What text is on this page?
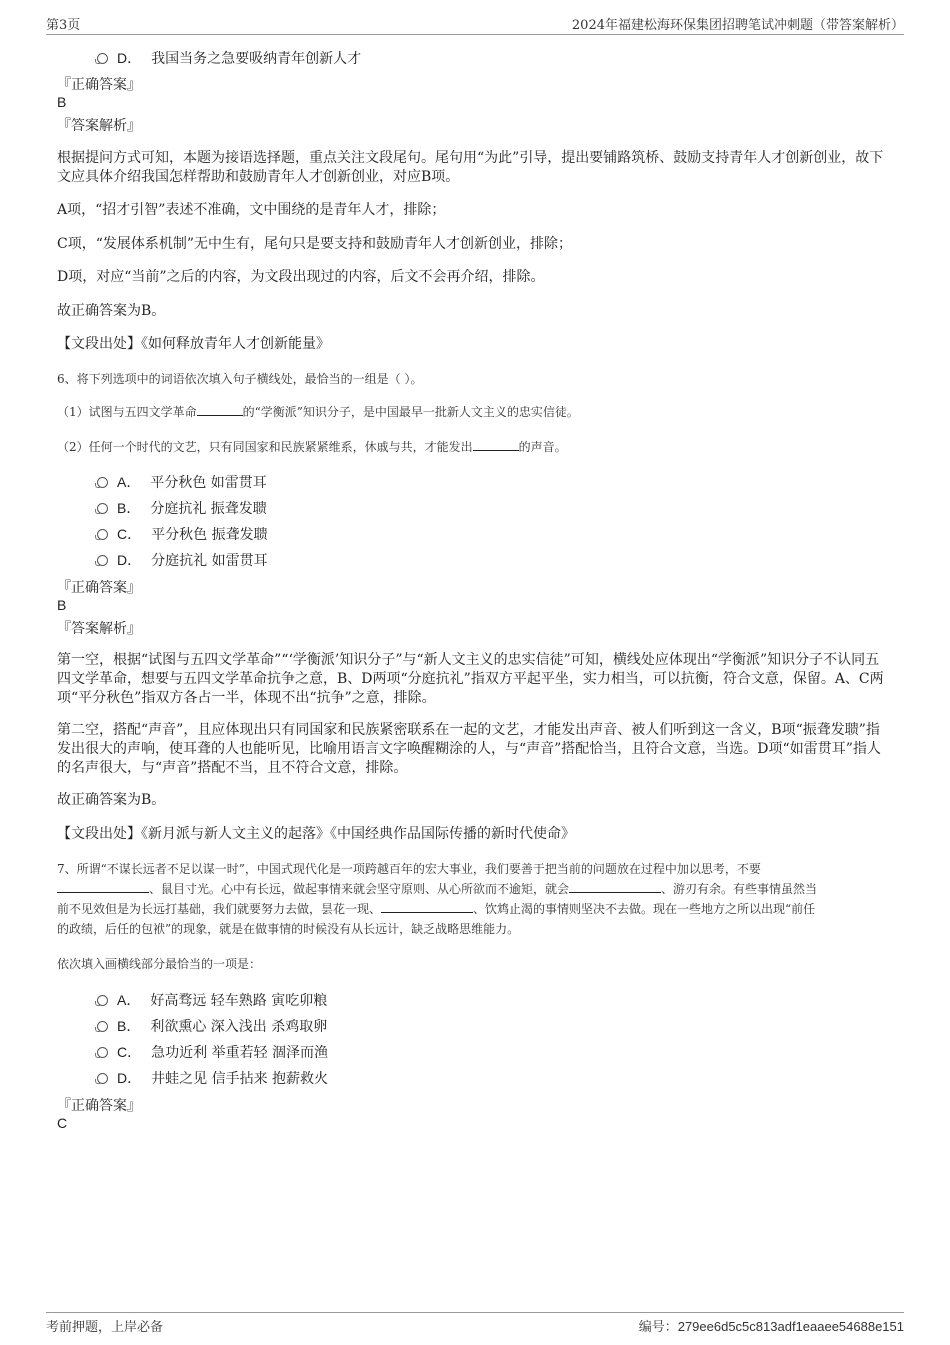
第3页	2024年福建松海环保集团招聘笔试冲刺题（带答案解析）
D． 我国当务之急要吸纳青年创新人才
『正确答案』
B
『答案解析』
根据提问方式可知，本题为接语选择题，重点关注文段尾句。尾句用“为此”引导，提出要铺路筑桥、鼓励支持青年人才创新创业，故下文应具体介绍我国怎样帮助和鼓励青年人才创新创业，对应B项。
A项，“招才引智”表述不准确，文中围绕的是青年人才，排除；
C项，“发展体系机制”无中生有，尾句只是要支持和鼓励青年人才创新创业，排除；
D项，对应“当前”之后的内容，为文段出现过的内容，后文不会再介绍，排除。
故正确答案为B。
【文段出处】《如何释放青年人才创新能量》
6、将下列选项中的词语依次填入句子横线处，最恰当的一组是（ ）。
（1）试图与五四文学革命	的“学衡派”知识分子，是中国最早一批新人文主义的忠实信徒。
（2）任何一个时代的文艺，只有同国家和民族紧紧维系，休戚与共，才能发出	的声音。
A． 平分秋色 如雷贯耳
B． 分庭抗礼 振聋发聩
C． 平分秋色 振聋发聩
D． 分庭抗礼 如雷贯耳
『正确答案』
B
『答案解析』
第一空，根据“试图与五四文学革命”“‘学衡派’知识分子”与“新人文主义的忠实信徒”可知，横线处应体现出“学衡派”知识分子不认同五四文学革命，想要与五四文学革命抗争之意，B、D两项“分庭抗礼”指双方平起平坐，实力相当，可以抗衡，符合文意，保留。A、C两项“平分秋色”指双方各占一半，体现不出“抗争”之意，排除。
第二空，搭配“声音”，且应体现出只有同国家和民族紧密联系在一起的文艺，才能发出声音、被人们听到这一含义，B项“振聋发聩”指发出很大的声响，使耳聋的人也能听见，比喻用语言文字唤醒糊涂的人，与“声音”搭配恰当，且符合文意，当选。D项“如雷贯耳”指人的名声很大，与“声音”搭配不当，且不符合文意，排除。
故正确答案为B。
【文段出处】《新月派与新人文主义的起落》《中国经典作品国际传播的新时代使命》
7、所谓“不谋长远者不足以谋一时”，中国式现代化是一项跨越百年的宏大事业，我们要善于把当前的问题放在过程中加以思考，不要
、鼠目寸光。心中有长远，做起事情来就会坚守原则、从心所欲而不逾矩，就会	、游刃有余。有些事情虽然当
前不见效但是为长远打基础，我们就要努力去做，昙花一现、	、饮鸩止渴的事情则坚决不去做。现在一些地方之所以出现“前任
的政绩，后任的包袱”的现象，就是在做事情的时候没有从长远计，缺乏战略思维能力。
依次填入画横线部分最恰当的一项是：
A． 好高骛远 轻车熟路 寅吃卯粮
B． 利欲熏心 深入浅出 杀鸡取卵
C． 急功近利 举重若轻 涸泽而渔
D． 井蛙之见 信手拈来 抱薪救火
『正确答案』
C
考前押题，上岸必备	编号：279ee6d5c5c813adf1eaaee54688e151
